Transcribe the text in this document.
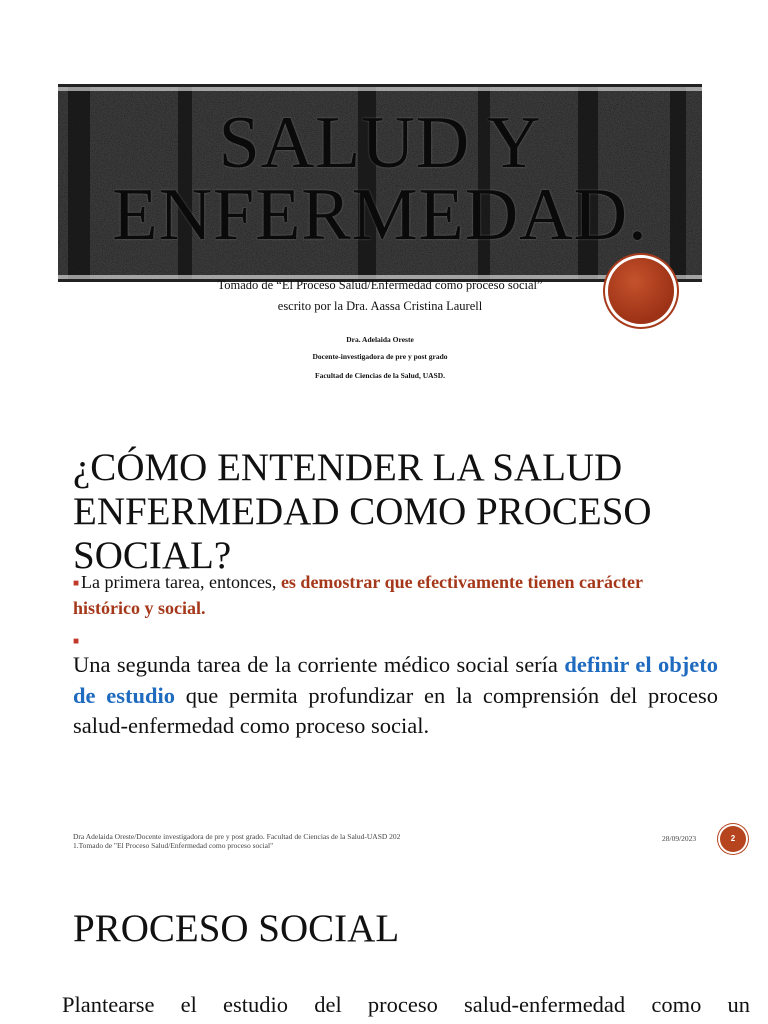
SALUD Y
ENFERMEDAD.
Tomado de “El Proceso Salud/Enfermedad como proceso social”
escrito por la Dra. Aassa Cristina Laurell
Dra. Adelaida Oreste
Docente-investigadora de pre y post grado
Facultad de Ciencias de la Salud, UASD.
¿CÓMO ENTENDER LA SALUD ENFERMEDAD COMO PROCESO SOCIAL?
■ La primera tarea, entonces, es demostrar que efectivamente tienen carácter histórico y social.
■
Una segunda tarea de la corriente médico social sería definir el objeto de estudio que permita profundizar en la comprensión del proceso salud-enfermedad como proceso social.
Dra Adelaida Oreste/Docente investigadora de pre y post grado. Facultad de Ciencias de la Salud-UASD 202
1.Tomado de "El Proceso Salud/Enfermedad como proceso social"
28/09/2023	2
PROCESO SOCIAL
Plantearse el estudio del proceso salud-enfermedad como un
